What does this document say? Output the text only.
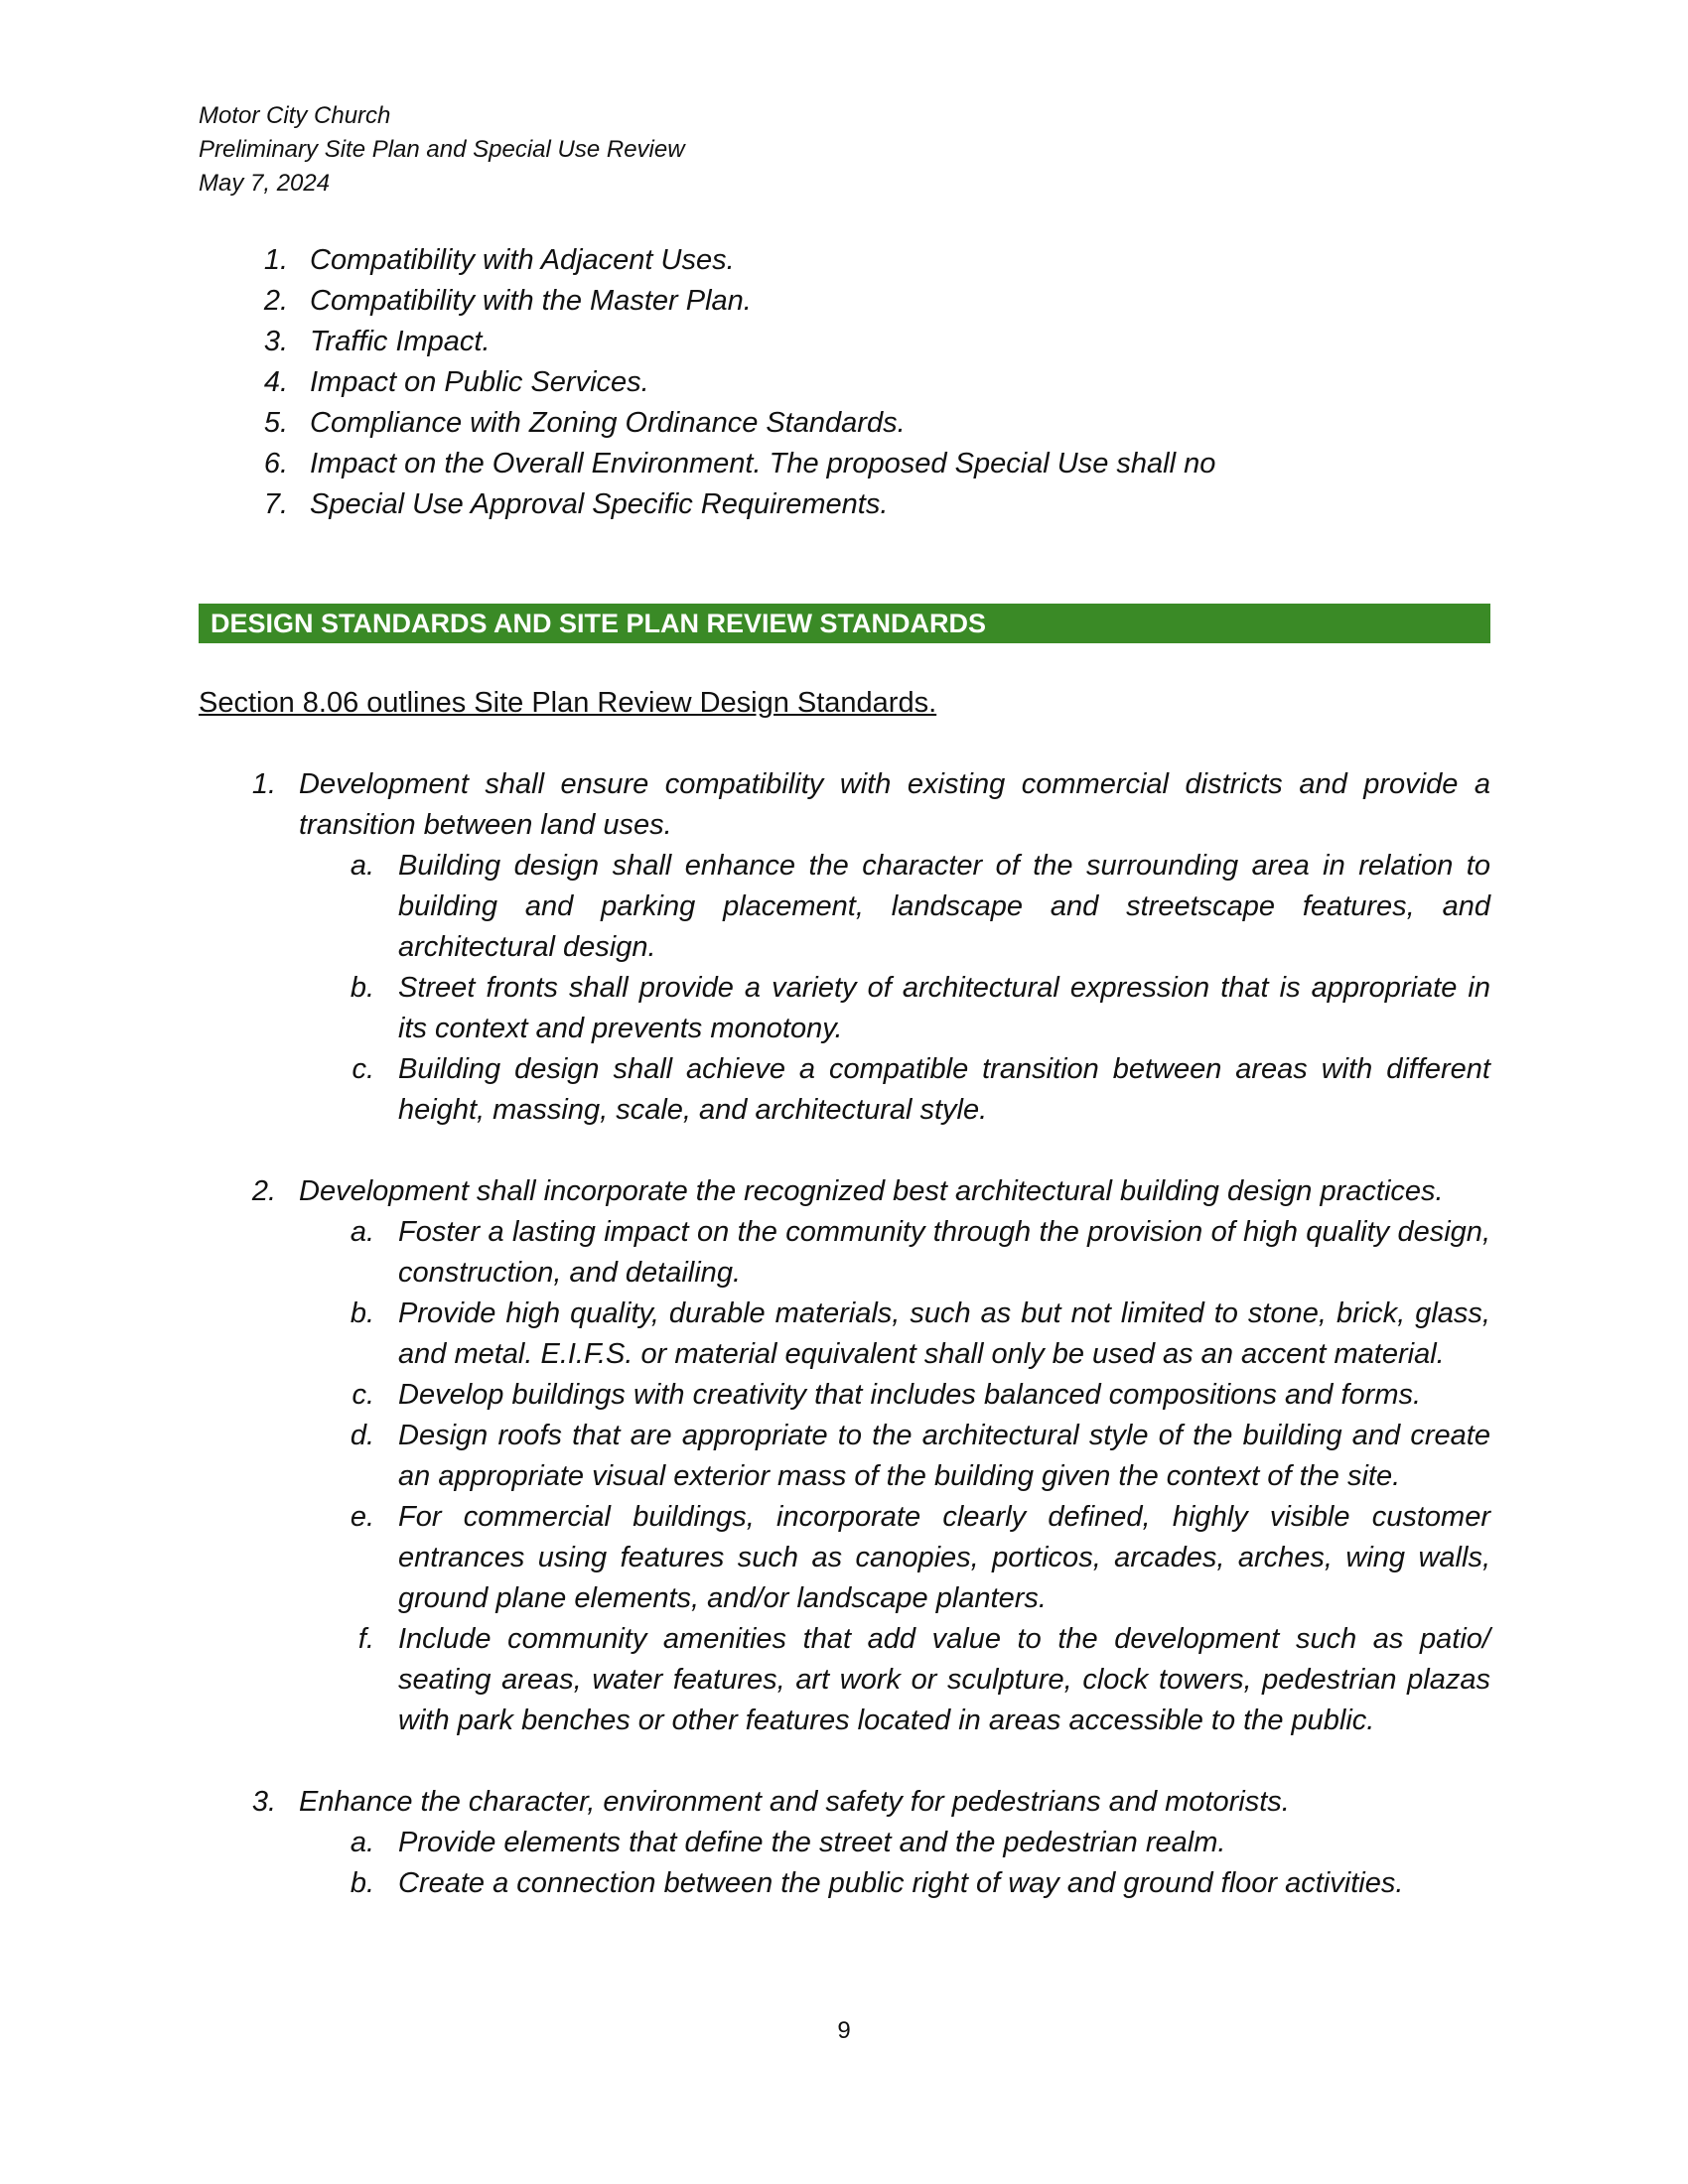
Motor City Church
Preliminary Site Plan and Special Use Review
May 7, 2024
1. Compatibility with Adjacent Uses.
2. Compatibility with the Master Plan.
3. Traffic Impact.
4. Impact on Public Services.
5. Compliance with Zoning Ordinance Standards.
6. Impact on the Overall Environment. The proposed Special Use shall no
7. Special Use Approval Specific Requirements.
DESIGN STANDARDS AND SITE PLAN REVIEW STANDARDS
Section 8.06 outlines Site Plan Review Design Standards.
1. Development shall ensure compatibility with existing commercial districts and provide a transition between land uses.
a. Building design shall enhance the character of the surrounding area in relation to building and parking placement, landscape and streetscape features, and architectural design.
b. Street fronts shall provide a variety of architectural expression that is appropriate in its context and prevents monotony.
c. Building design shall achieve a compatible transition between areas with different height, massing, scale, and architectural style.
2. Development shall incorporate the recognized best architectural building design practices.
a. Foster a lasting impact on the community through the provision of high quality design, construction, and detailing.
b. Provide high quality, durable materials, such as but not limited to stone, brick, glass, and metal. E.I.F.S. or material equivalent shall only be used as an accent material.
c. Develop buildings with creativity that includes balanced compositions and forms.
d. Design roofs that are appropriate to the architectural style of the building and create an appropriate visual exterior mass of the building given the context of the site.
e. For commercial buildings, incorporate clearly defined, highly visible customer entrances using features such as canopies, porticos, arcades, arches, wing walls, ground plane elements, and/or landscape planters.
f. Include community amenities that add value to the development such as patio/ seating areas, water features, art work or sculpture, clock towers, pedestrian plazas with park benches or other features located in areas accessible to the public.
3. Enhance the character, environment and safety for pedestrians and motorists.
a. Provide elements that define the street and the pedestrian realm.
b. Create a connection between the public right of way and ground floor activities.
9
